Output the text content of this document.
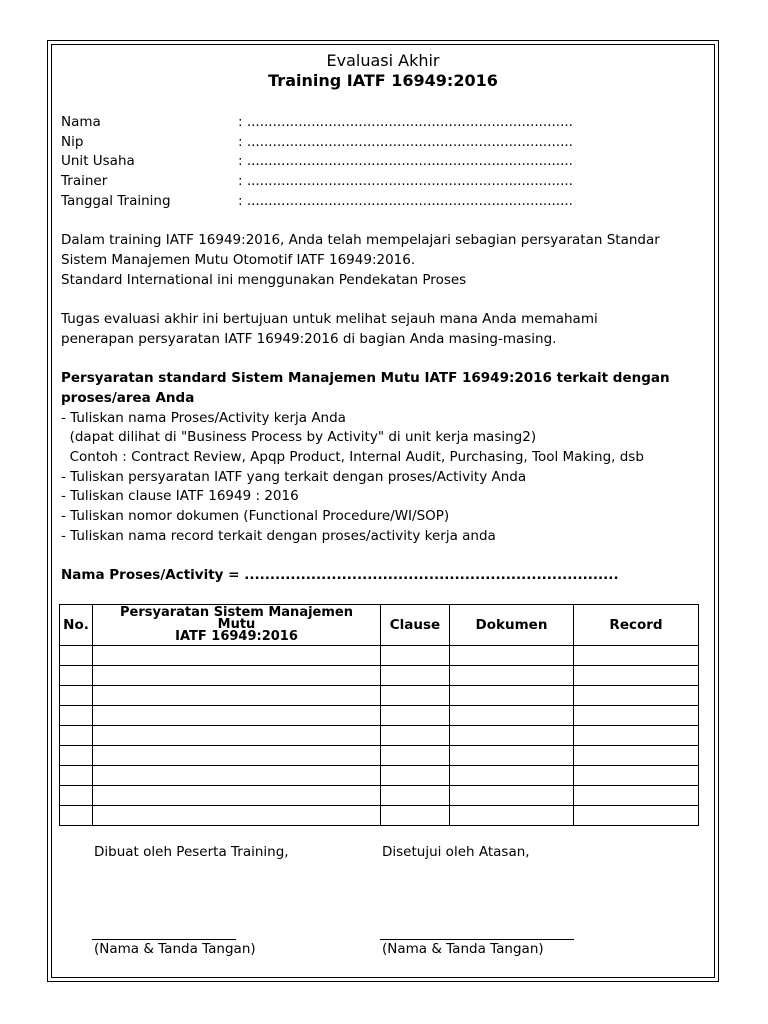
Evaluasi Akhir
Training IATF 16949:2016
Nama	: ............................................................................
Nip	: ............................................................................
Unit Usaha	: ............................................................................
Trainer	: ............................................................................
Tanggal Training	: ............................................................................
Dalam training IATF 16949:2016, Anda telah mempelajari sebagian persyaratan Standar
Sistem Manajemen Mutu Otomotif IATF 16949:2016.
Standard International ini menggunakan Pendekatan Proses
Tugas evaluasi akhir ini bertujuan untuk melihat sejauh mana Anda memahami
penerapan persyaratan IATF 16949:2016 di bagian Anda masing-masing.
Persyaratan standard Sistem Manajemen Mutu IATF 16949:2016 terkait dengan
proses/area Anda
- Tuliskan nama Proses/Activity kerja Anda
(dapat dilihat di "Business Process by Activity" di unit kerja masing2)
Contoh : Contract Review, Apqp Product, Internal Audit, Purchasing, Tool Making, dsb
- Tuliskan persyaratan IATF yang terkait dengan proses/Activity Anda
- Tuliskan clause IATF 16949 : 2016
- Tuliskan nomor dokumen (Functional Procedure/WI/SOP)
- Tuliskan nama record terkait dengan proses/activity kerja anda
Nama Proses/Activity = .........................................................................
No.	Persyaratan Sistem Manajemen
Mutu
IATF 16949:2016	Clause	Dokumen	Record

Dibuat oleh Peserta Training,	Disetujui oleh Atasan,
(Nama & Tanda Tangan)	(Nama & Tanda Tangan)
